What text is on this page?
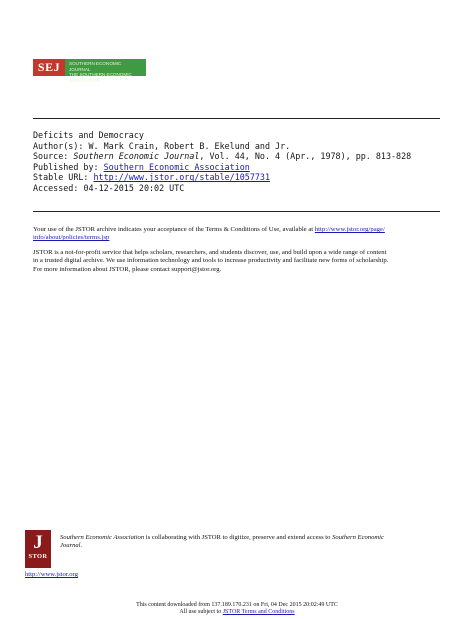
SEJ	SOUTHERN ECONOMIC JOURNAL
THE SOUTHERN ECONOMIC ASSOCIATION
Deficits and Democracy
Author(s): W. Mark Crain, Robert B. Ekelund and Jr.
Source: Southern Economic Journal, Vol. 44, No. 4 (Apr., 1978), pp. 813-828
Published by: Southern Economic Association
Stable URL: http://www.jstor.org/stable/1057731
Accessed: 04-12-2015 20:02 UTC
Your use of the JSTOR archive indicates your acceptance of the Terms & Conditions of Use, available at http://www.jstor.org/page/
info/about/policies/terms.jsp
JSTOR is a not-for-profit service that helps scholars, researchers, and students discover, use, and build upon a wide range of content
in a trusted digital archive. We use information technology and tools to increase productivity and facilitate new forms of scholarship.
For more information about JSTOR, please contact support@jstor.org.
J
STOR
Southern Economic Association is collaborating with JSTOR to digitize, preserve and extend access to Southern Economic
Journal.
http://www.jstor.org
This content downloaded from 137.189.170.231 on Fri, 04 Dec 2015 20:02:49 UTC
All use subject to JSTOR Terms and Conditions
